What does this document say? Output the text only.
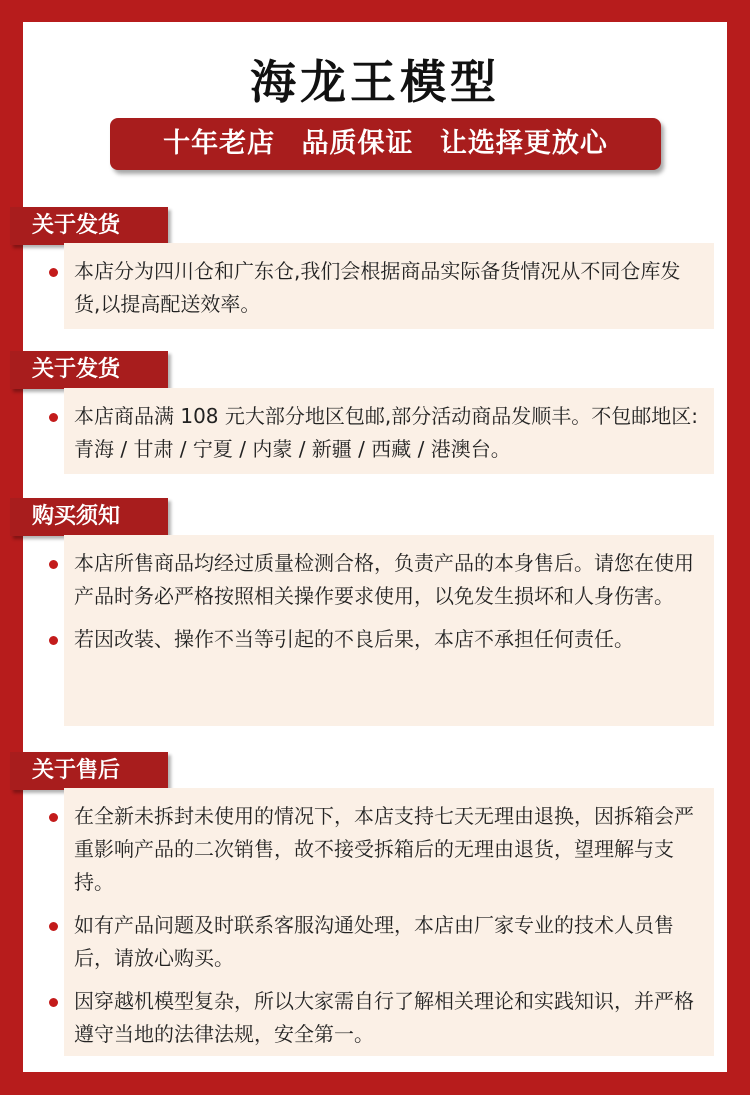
海龙王模型
十年老店 品质保证 让选择更放心
关于发货
本店分为四川仓和广东仓,我们会根据商品实际备货情况从不同仓库发货,以提高配送效率。
关于发货
本店商品满 108 元大部分地区包邮,部分活动商品发顺丰。不包邮地区: 青海 / 甘肃 / 宁夏 / 内蒙 / 新疆 / 西藏 / 港澳台。
购买须知
本店所售商品均经过质量检测合格，负责产品的本身售后。请您在使用产品时务必严格按照相关操作要求使用，以免发生损坏和人身伤害。
若因改装、操作不当等引起的不良后果，本店不承担任何责任。
关于售后
在全新未拆封未使用的情况下，本店支持七天无理由退换，因拆箱会严重影响产品的二次销售，故不接受拆箱后的无理由退货，望理解与支持。
如有产品问题及时联系客服沟通处理，本店由厂家专业的技术人员售后，请放心购买。
因穿越机模型复杂，所以大家需自行了解相关理论和实践知识，并严格遵守当地的法律法规，安全第一。
